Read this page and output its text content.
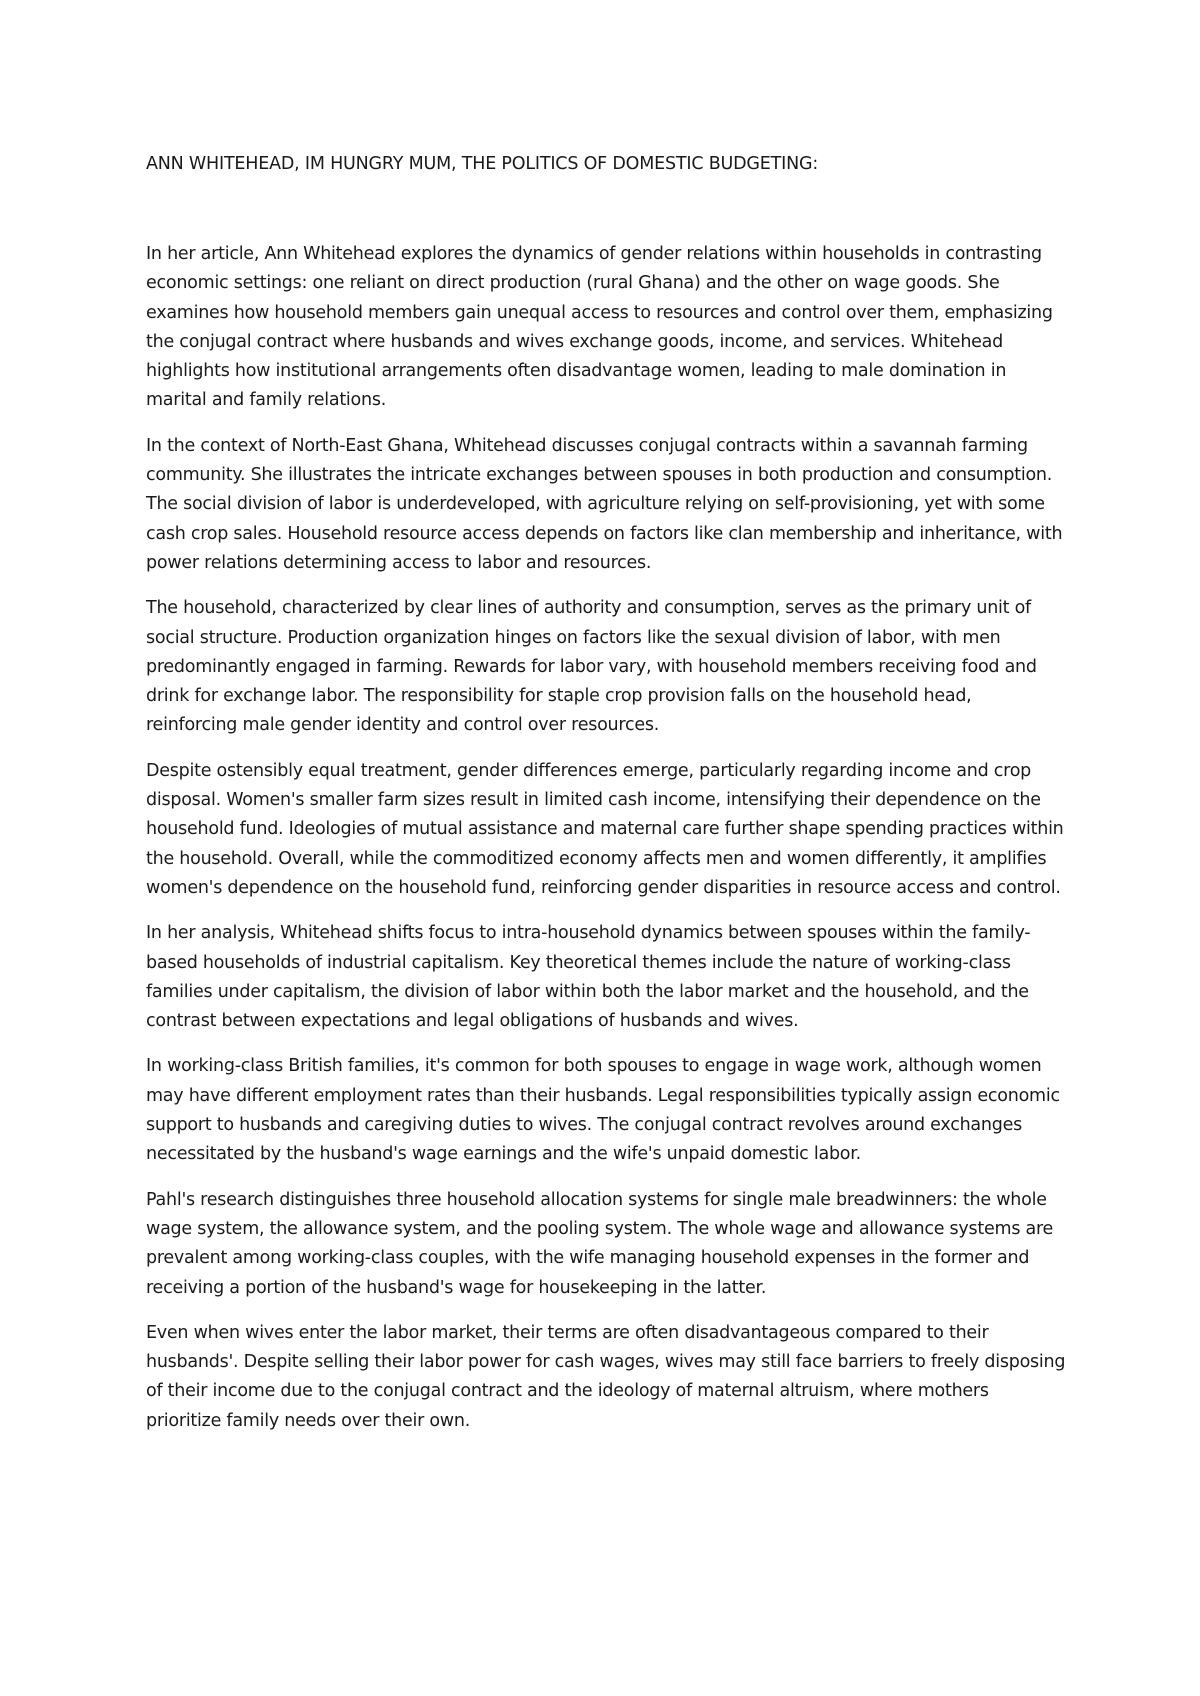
ANN WHITEHEAD, IM HUNGRY MUM, THE POLITICS OF DOMESTIC BUDGETING:

In her article, Ann Whitehead explores the dynamics of gender relations within households in contrasting economic settings: one reliant on direct production (rural Ghana) and the other on wage goods. She examines how household members gain unequal access to resources and control over them, emphasizing the conjugal contract where husbands and wives exchange goods, income, and services. Whitehead highlights how institutional arrangements often disadvantage women, leading to male domination in marital and family relations.

In the context of North-East Ghana, Whitehead discusses conjugal contracts within a savannah farming community. She illustrates the intricate exchanges between spouses in both production and consumption. The social division of labor is underdeveloped, with agriculture relying on self-provisioning, yet with some cash crop sales. Household resource access depends on factors like clan membership and inheritance, with power relations determining access to labor and resources.

The household, characterized by clear lines of authority and consumption, serves as the primary unit of social structure. Production organization hinges on factors like the sexual division of labor, with men predominantly engaged in farming. Rewards for labor vary, with household members receiving food and drink for exchange labor. The responsibility for staple crop provision falls on the household head, reinforcing male gender identity and control over resources.

Despite ostensibly equal treatment, gender differences emerge, particularly regarding income and crop disposal. Women's smaller farm sizes result in limited cash income, intensifying their dependence on the household fund. Ideologies of mutual assistance and maternal care further shape spending practices within the household. Overall, while the commoditized economy affects men and women differently, it amplifies women's dependence on the household fund, reinforcing gender disparities in resource access and control.

In her analysis, Whitehead shifts focus to intra-household dynamics between spouses within the family-based households of industrial capitalism. Key theoretical themes include the nature of working-class families under capitalism, the division of labor within both the labor market and the household, and the contrast between expectations and legal obligations of husbands and wives.

In working-class British families, it's common for both spouses to engage in wage work, although women may have different employment rates than their husbands. Legal responsibilities typically assign economic support to husbands and caregiving duties to wives. The conjugal contract revolves around exchanges necessitated by the husband's wage earnings and the wife's unpaid domestic labor.

Pahl's research distinguishes three household allocation systems for single male breadwinners: the whole wage system, the allowance system, and the pooling system. The whole wage and allowance systems are prevalent among working-class couples, with the wife managing household expenses in the former and receiving a portion of the husband's wage for housekeeping in the latter.

Even when wives enter the labor market, their terms are often disadvantageous compared to their husbands'. Despite selling their labor power for cash wages, wives may still face barriers to freely disposing of their income due to the conjugal contract and the ideology of maternal altruism, where mothers prioritize family needs over their own.
